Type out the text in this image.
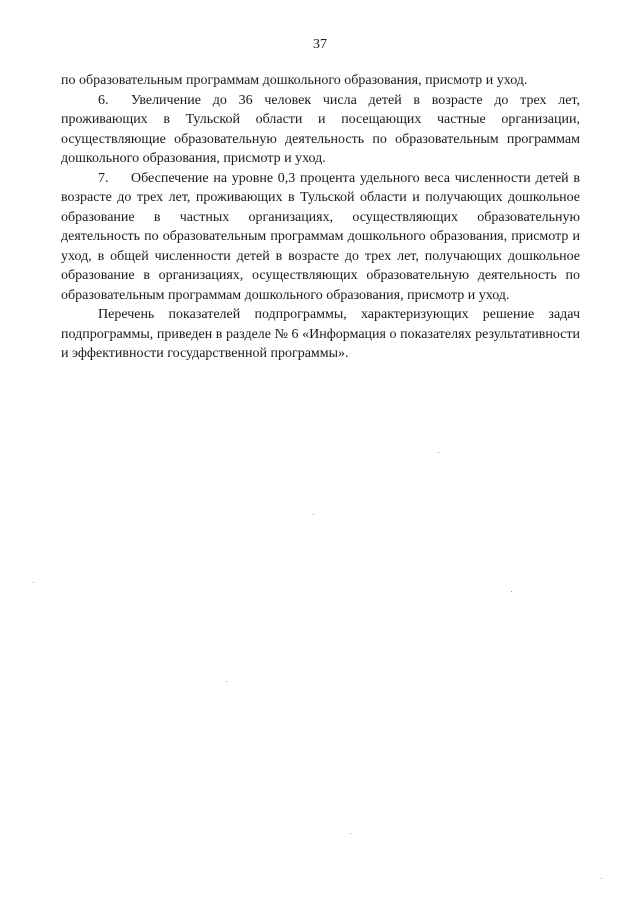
37

по образовательным программам дошкольного образования, присмотр и уход.

6. Увеличение до 36 человек числа детей в возрасте до трех лет, проживающих в Тульской области и посещающих частные организации, осуществляющие образовательную деятельность по образовательным программам дошкольного образования, присмотр и уход.

7. Обеспечение на уровне 0,3 процента удельного веса численности детей в возрасте до трех лет, проживающих в Тульской области и получающих дошкольное образование в частных организациях, осуществляющих образовательную деятельность по образовательным программам дошкольного образования, присмотр и уход, в общей численности детей в возрасте до трех лет, получающих дошкольное образование в организациях, осуществляющих образовательную деятельность по образовательным программам дошкольного образования, присмотр и уход.

Перечень показателей подпрограммы, характеризующих решение задач подпрограммы, приведен в разделе № 6 «Информация о показателях результативности и эффективности государственной программы».
